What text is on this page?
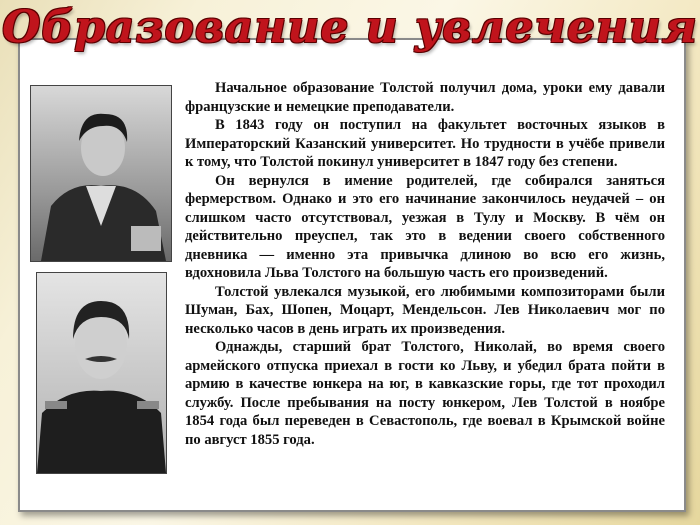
Образование и увлечения

Начальное образование Толстой получил дома, уроки ему давали французские и немецкие преподаватели.

В 1843 году он поступил на факультет восточных языков в Императорский Казанский университет. Но трудности в учёбе привели к тому, что Толстой покинул университет в 1847 году без степени.

Он вернулся в имение родителей, где собирался заняться фермерством. Однако и это его начинание закончилось неудачей – он слишком часто отсутствовал, уезжая в Тулу и Москву. В чём он действительно преуспел, так это в ведении своего собственного дневника — именно эта привычка длиною во всю его жизнь, вдохновила Льва Толстого на большую часть его произведений.

Толстой увлекался музыкой, его любимыми композиторами были Шуман, Бах, Шопен, Моцарт, Мендельсон. Лев Николаевич мог по несколько часов в день играть их произведения.

Однажды, старший брат Толстого, Николай, во время своего армейского отпуска приехал в гости ко Льву, и убедил брата пойти в армию в качестве юнкера на юг, в кавказские горы, где тот проходил службу. После пребывания на посту юнкером, Лев Толстой в ноябре 1854 года был переведен в Севастополь, где воевал в Крымской войне по август 1855 года.
